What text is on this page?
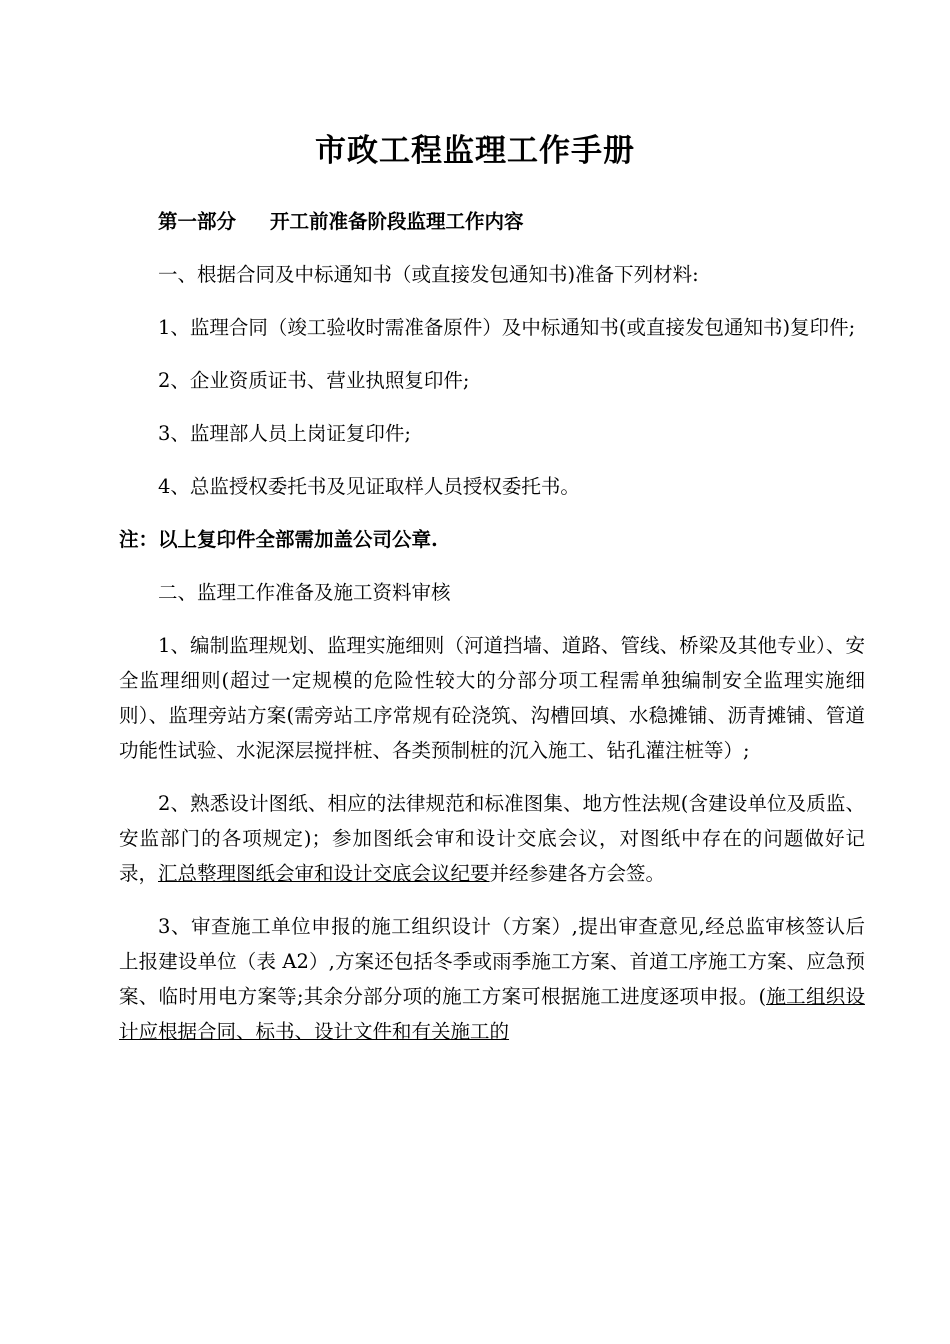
市政工程监理工作手册

第一部分 开工前准备阶段监理工作内容

一、根据合同及中标通知书（或直接发包通知书)准备下列材料:

1、监理合同（竣工验收时需准备原件）及中标通知书(或直接发包通知书)复印件;

2、企业资质证书、营业执照复印件;

3、监理部人员上岗证复印件;

4、总监授权委托书及见证取样人员授权委托书。

注：以上复印件全部需加盖公司公章.

二、监理工作准备及施工资料审核

1、编制监理规划、监理实施细则（河道挡墙、道路、管线、桥梁及其他专业）、安全监理细则(超过一定规模的危险性较大的分部分项工程需单独编制安全监理实施细则）、监理旁站方案(需旁站工序常规有砼浇筑、沟槽回填、水稳摊铺、沥青摊铺、管道功能性试验、水泥深层搅拌桩、各类预制桩的沉入施工、钻孔灌注桩等）;

2、熟悉设计图纸、相应的法律规范和标准图集、地方性法规(含建设单位及质监、安监部门的各项规定)；参加图纸会审和设计交底会议，对图纸中存在的问题做好记录，汇总整理图纸会审和设计交底会议纪要并经参建各方会签。

3、审查施工单位申报的施工组织设计（方案）,提出审查意见,经总监审核签认后上报建设单位（表 A2）,方案还包括冬季或雨季施工方案、首道工序施工方案、应急预案、临时用电方案等;其余分部分项的施工方案可根据施工进度逐项申报。(施工组织设计应根据合同、标书、设计文件和有关施工的
